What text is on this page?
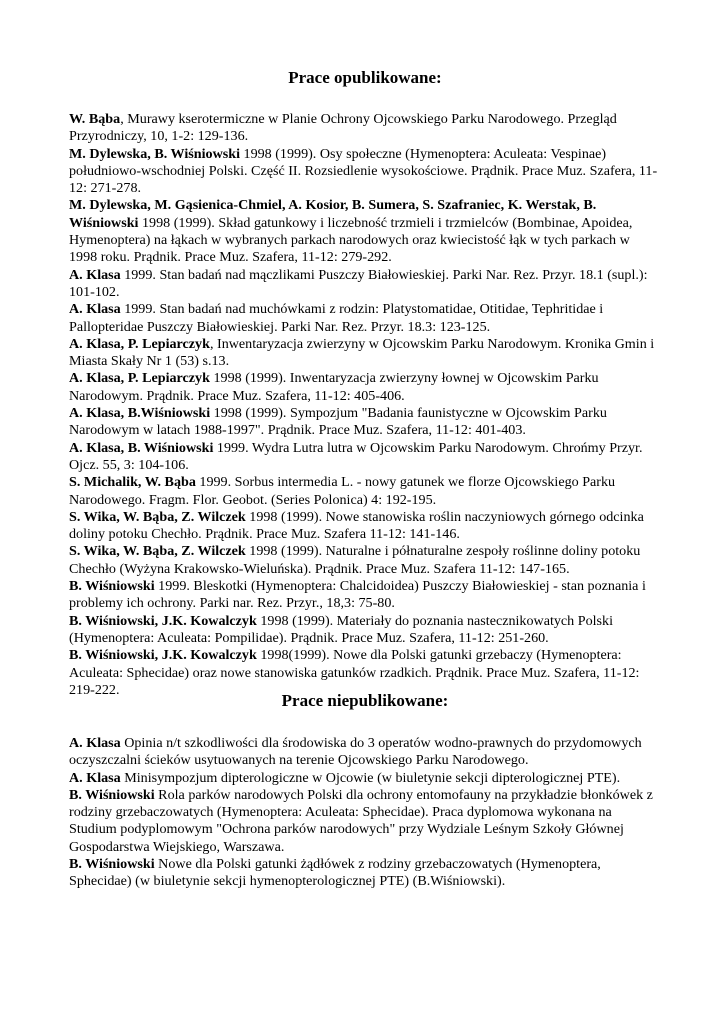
Prace opublikowane:

W. Bąba, Murawy kserotermiczne w Planie Ochrony Ojcowskiego Parku Narodowego. Przegląd Przyrodniczy, 10, 1-2: 129-136.

M. Dylewska, B. Wiśniowski 1998 (1999). Osy społeczne (Hymenoptera: Aculeata: Vespinae) południowo-wschodniej Polski. Część II. Rozsiedlenie wysokościowe. Prądnik. Prace Muz. Szafera, 11-12: 271-278.

M. Dylewska, M. Gąsienica-Chmiel, A. Kosior, B. Sumera, S. Szafraniec, K. Werstak, B. Wiśniowski 1998 (1999). Skład gatunkowy i liczebność trzmieli i trzmielców (Bombinae, Apoidea, Hymenoptera) na łąkach w wybranych parkach narodowych oraz kwiecistość łąk w tych parkach w 1998 roku. Prądnik. Prace Muz. Szafera, 11-12: 279-292.

A. Klasa 1999. Stan badań nad mączlikami Puszczy Białowieskiej. Parki Nar. Rez. Przyr. 18.1 (supl.): 101-102.

A. Klasa 1999. Stan badań nad muchówkami z rodzin: Platystomatidae, Otitidae, Tephritidae i Pallopteridae Puszczy Białowieskiej. Parki Nar. Rez. Przyr. 18.3: 123-125.

A. Klasa, P. Lepiarczyk, Inwentaryzacja zwierzyny w Ojcowskim Parku Narodowym. Kronika Gmin i Miasta Skały Nr 1 (53) s.13.

A. Klasa, P. Lepiarczyk 1998 (1999). Inwentaryzacja zwierzyny łownej w Ojcowskim Parku Narodowym. Prądnik. Prace Muz. Szafera, 11-12: 405-406.

A. Klasa, B.Wiśniowski 1998 (1999). Sympozjum "Badania faunistyczne w Ojcowskim Parku Narodowym w latach 1988-1997". Prądnik. Prace Muz. Szafera, 11-12: 401-403.

A. Klasa, B. Wiśniowski 1999. Wydra Lutra lutra w Ojcowskim Parku Narodowym. Chrońmy Przyr. Ojcz. 55, 3: 104-106.

S. Michalik, W. Bąba 1999. Sorbus intermedia L. - nowy gatunek we florze Ojcowskiego Parku Narodowego. Fragm. Flor. Geobot. (Series Polonica) 4: 192-195.

S. Wika, W. Bąba, Z. Wilczek 1998 (1999). Nowe stanowiska roślin naczyniowych górnego odcinka doliny potoku Chechło. Prądnik. Prace Muz. Szafera 11-12: 141-146.

S. Wika, W. Bąba, Z. Wilczek 1998 (1999). Naturalne i półnaturalne zespoły roślinne doliny potoku Chechło (Wyżyna Krakowsko-Wieluńska). Prądnik. Prace Muz. Szafera 11-12: 147-165.

B. Wiśniowski 1999. Bleskotki (Hymenoptera: Chalcidoidea) Puszczy Białowieskiej - stan poznania i problemy ich ochrony. Parki nar. Rez. Przyr., 18,3: 75-80.

B. Wiśniowski, J.K. Kowalczyk 1998 (1999). Materiały do poznania nastecznikowatych Polski (Hymenoptera: Aculeata: Pompilidae). Prądnik. Prace Muz. Szafera, 11-12: 251-260.

B. Wiśniowski, J.K. Kowalczyk 1998(1999). Nowe dla Polski gatunki grzebaczy (Hymenoptera: Aculeata: Sphecidae) oraz nowe stanowiska gatunków rzadkich. Prądnik. Prace Muz. Szafera, 11-12: 219-222.

Prace niepublikowane:

A. Klasa Opinia n/t szkodliwości dla środowiska do 3 operatów wodno-prawnych do przydomowych oczyszczalni ścieków usytuowanych na terenie Ojcowskiego Parku Narodowego.

A. Klasa Minisympozjum dipterologiczne w Ojcowie (w biuletynie sekcji dipterologicznej PTE).

B. Wiśniowski Rola parków narodowych Polski dla ochrony entomofauny na przykładzie błonkówek z rodziny grzebaczowatych (Hymenoptera: Aculeata: Sphecidae). Praca dyplomowa wykonana na Studium podyplomowym "Ochrona parków narodowych" przy Wydziale Leśnym Szkoły Głównej Gospodarstwa Wiejskiego, Warszawa.

B. Wiśniowski Nowe dla Polski gatunki żądłówek z rodziny grzebaczowatych (Hymenoptera, Sphecidae) (w biuletynie sekcji hymenopterologicznej PTE) (B.Wiśniowski).
